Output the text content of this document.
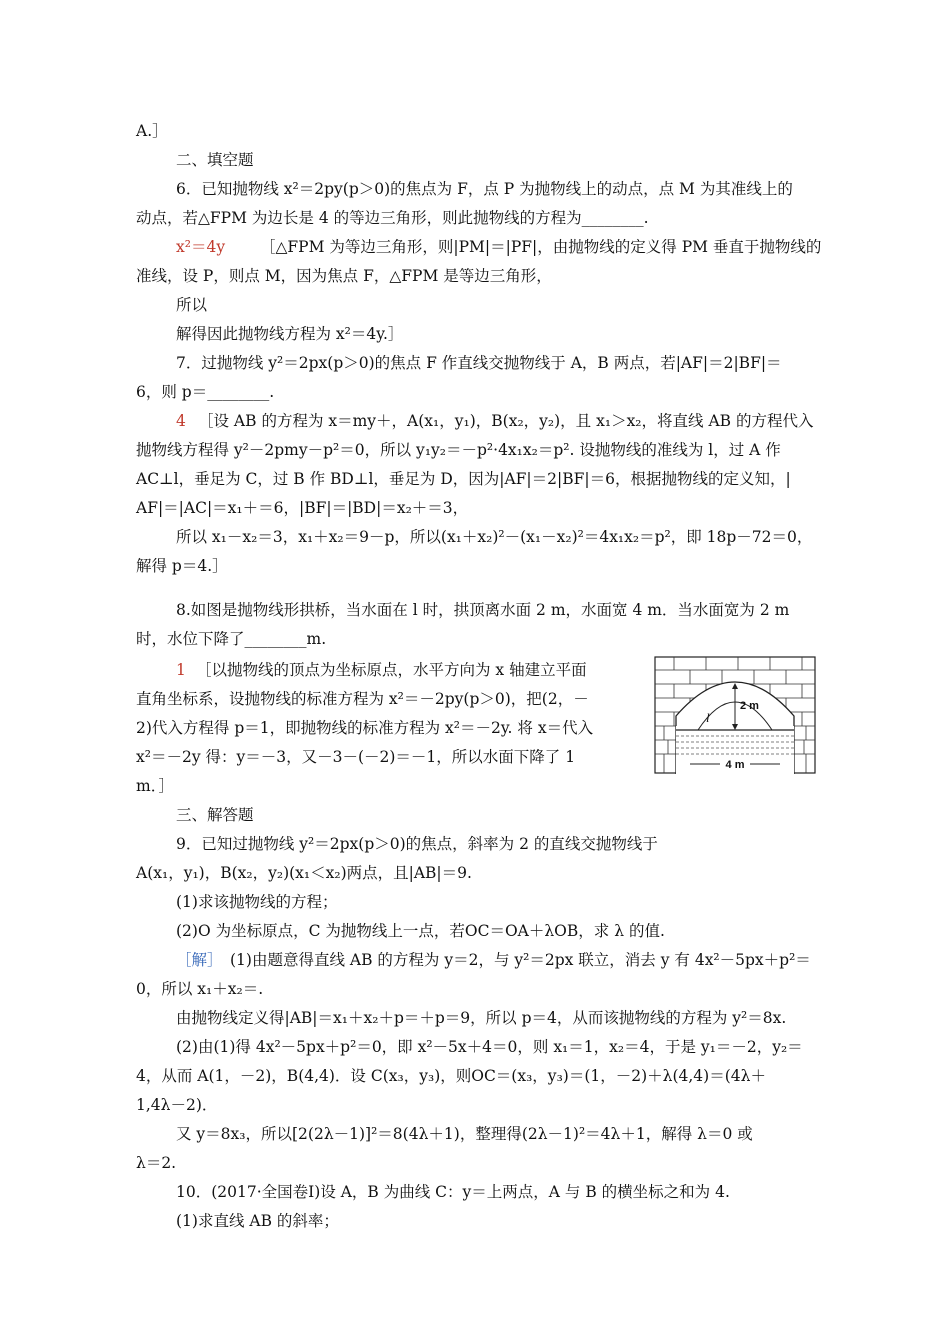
A.］
二、填空题
6．已知抛物线 x²＝2py(p＞0)的焦点为 F，点 P 为抛物线上的动点，点 M 为其准线上的
动点，若△FPM 为边长是 4 的等边三角形，则此抛物线的方程为________.
［△FPM 为等边三角形，则|PM|＝|PF|，由抛物线的定义得 PM 垂直于抛物线的
准线，设 P，则点 M，因为焦点 F，△FPM 是等边三角形，
所以
解得因此抛物线方程为 x²＝4y.］
7．过抛物线 y²＝2px(p＞0)的焦点 F 作直线交抛物线于 A，B 两点，若|AF|＝2|BF|＝
6，则 p＝________.
［设 AB 的方程为 x＝my＋，A(x₁，y₁)，B(x₂，y₂)，且 x₁＞x₂，将直线 AB 的方程代入
抛物线方程得 y²－2pmy－p²＝0，所以 y₁y₂＝－p²·4x₁x₂＝p². 设抛物线的准线为 l，过 A 作
AC⊥l，垂足为 C，过 B 作 BD⊥l，垂足为 D，因为|AF|＝2|BF|＝6，根据抛物线的定义知，|
AF|＝|AC|＝x₁＋＝6，|BF|＝|BD|＝x₂＋＝3，
所以 x₁－x₂＝3，x₁＋x₂＝9－p，所以(x₁＋x₂)²－(x₁－x₂)²＝4x₁x₂＝p²，即 18p－72＝0，
解得 p＝4.］
8.如图是抛物线形拱桥，当水面在 l 时，拱顶离水面 2 m，水面宽 4 m．当水面宽为 2 m
时，水位下降了________m.
［以抛物线的顶点为坐标原点，水平方向为 x 轴建立平面
直角坐标系，设抛物线的标准方程为 x²＝－2py(p＞0)，把(2，－
2)代入方程得 p＝1，即抛物线的标准方程为 x²＝－2y. 将 x＝代入
x²＝－2y 得：y＝－3，又－3－(－2)＝－1，所以水面下降了 1
m．］
三、解答题
9．已知过抛物线 y²＝2px(p＞0)的焦点，斜率为 2 的直线交抛物线于
A(x₁，y₁)，B(x₂，y₂)(x₁＜x₂)两点，且|AB|＝9.
(1)求该抛物线的方程；
(2)O 为坐标原点，C 为抛物线上一点，若OC＝OA＋λOB，求 λ 的值.
(1)由题意得直线 AB 的方程为 y＝2，与 y²＝2px 联立，消去 y 有 4x²－5px＋p²＝
0，所以 x₁＋x₂＝.
由抛物线定义得|AB|＝x₁＋x₂＋p＝＋p＝9，所以 p＝4，从而该抛物线的方程为 y²＝8x.
(2)由(1)得 4x²－5px＋p²＝0，即 x²－5x＋4＝0，则 x₁＝1，x₂＝4，于是 y₁＝－2，y₂＝
4，从而 A(1，－2)，B(4,4)．设 C(x₃，y₃)，则OC＝(x₃，y₃)＝(1，－2)＋λ(4,4)＝(4λ＋
1,4λ－2)．
又 y＝8x₃，所以[2(2λ－1)]²＝8(4λ＋1)，整理得(2λ－1)²＝4λ＋1，解得 λ＝0 或
λ＝2.
10．(2017·全国卷Ⅰ)设 A，B 为曲线 C：y＝上两点，A 与 B 的横坐标之和为 4.
(1)求直线 AB 的斜率；
x²＝4y
4
1
［解］
2 m
l
4 m
